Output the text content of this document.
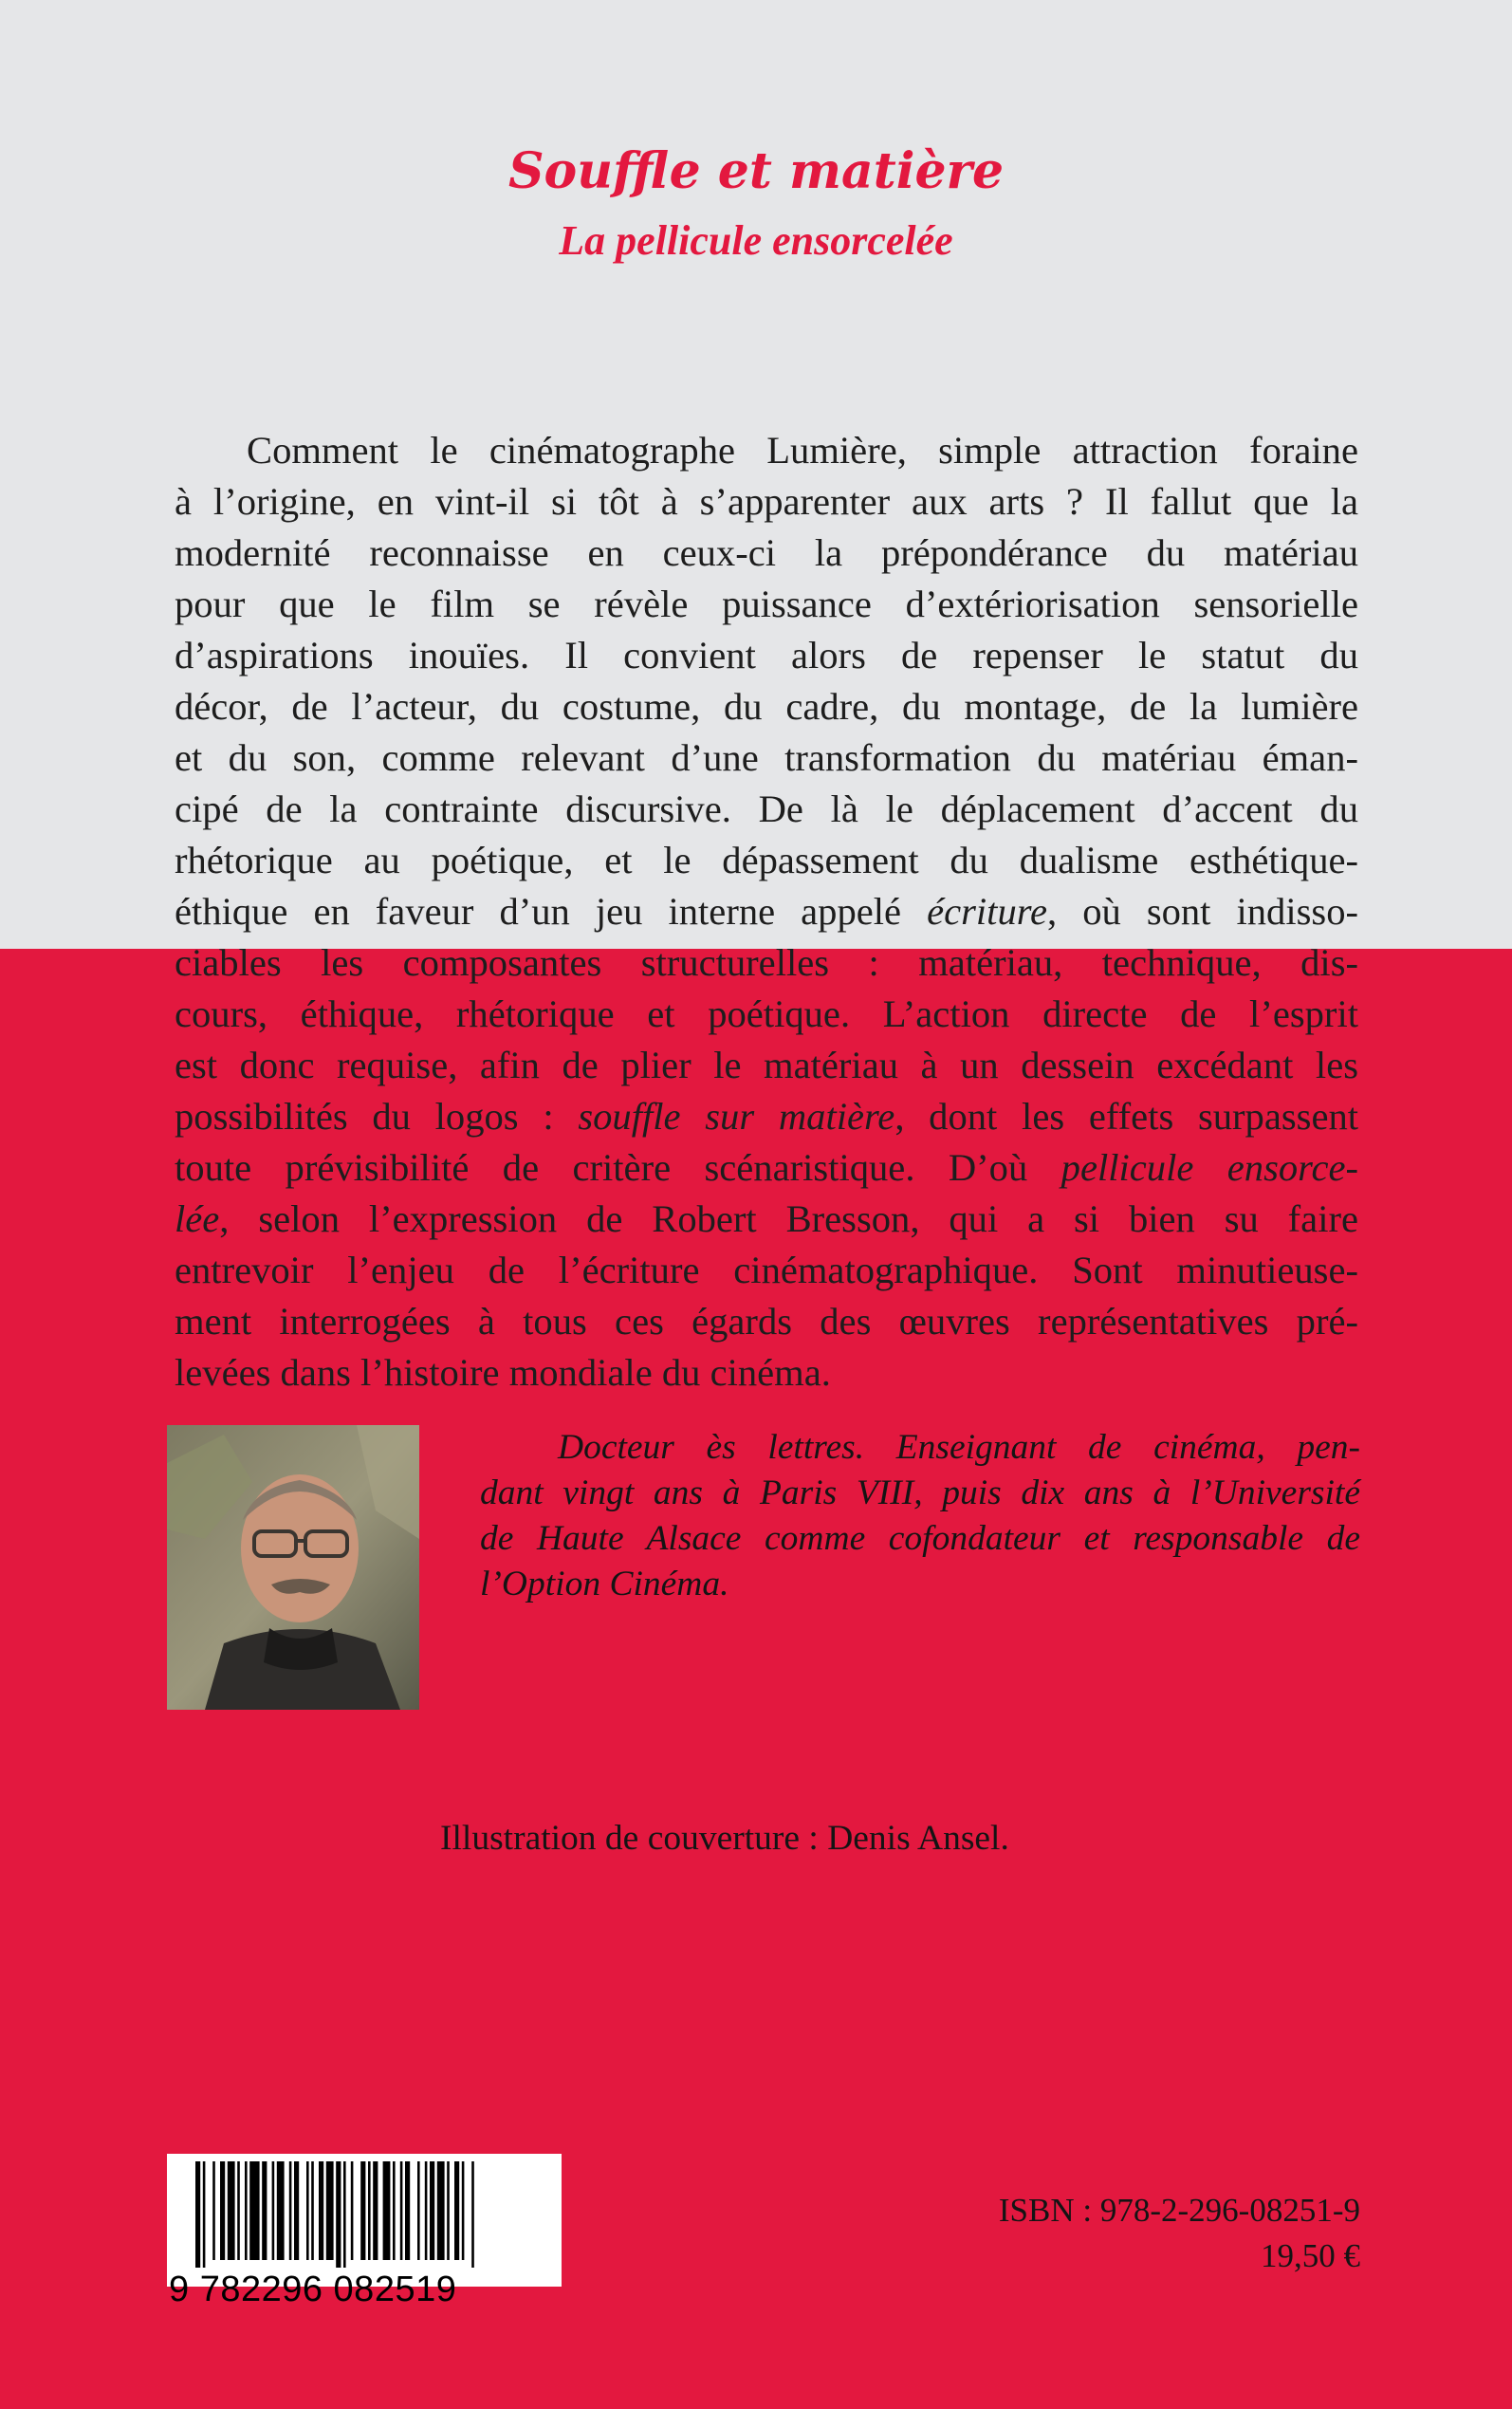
Souffle et matière
La pellicule ensorcelée
Comment le cinématographe Lumière, simple attraction foraine
à l’origine, en vint-il si tôt à s’apparenter aux arts ? Il fallut que la
modernité reconnaisse en ceux-ci la prépondérance du matériau
pour que le film se révèle puissance d’extériorisation sensorielle
d’aspirations inouïes. Il convient alors de repenser le statut du
décor, de l’acteur, du costume, du cadre, du montage, de la lumière
et du son, comme relevant d’une transformation du matériau éman-
cipé de la contrainte discursive. De là le déplacement d’accent du
rhétorique au poétique, et le dépassement du dualisme esthétique-
éthique en faveur d’un jeu interne appelé écriture, où sont indisso-
ciables les composantes structurelles : matériau, technique, dis-
cours, éthique, rhétorique et poétique. L’action directe de l’esprit
est donc requise, afin de plier le matériau à un dessein excédant les
possibilités du logos : souffle sur matière, dont les effets surpassent
toute prévisibilité de critère scénaristique. D’où pellicule ensorce-
lée, selon l’expression de Robert Bresson, qui a si bien su faire
entrevoir l’enjeu de l’écriture cinématographique. Sont minutieuse-
ment interrogées à tous ces égards des œuvres représentatives pré-
levées dans l’histoire mondiale du cinéma.
Docteur ès lettres. Enseignant de cinéma, pen-
dant vingt ans à Paris VIII, puis dix ans à l’Université
de Haute Alsace comme cofondateur et responsable de
l’Option Cinéma.
Illustration de couverture : Denis Ansel.
9 782296 082519
ISBN : 978-2-296-08251-9
19,50 €
